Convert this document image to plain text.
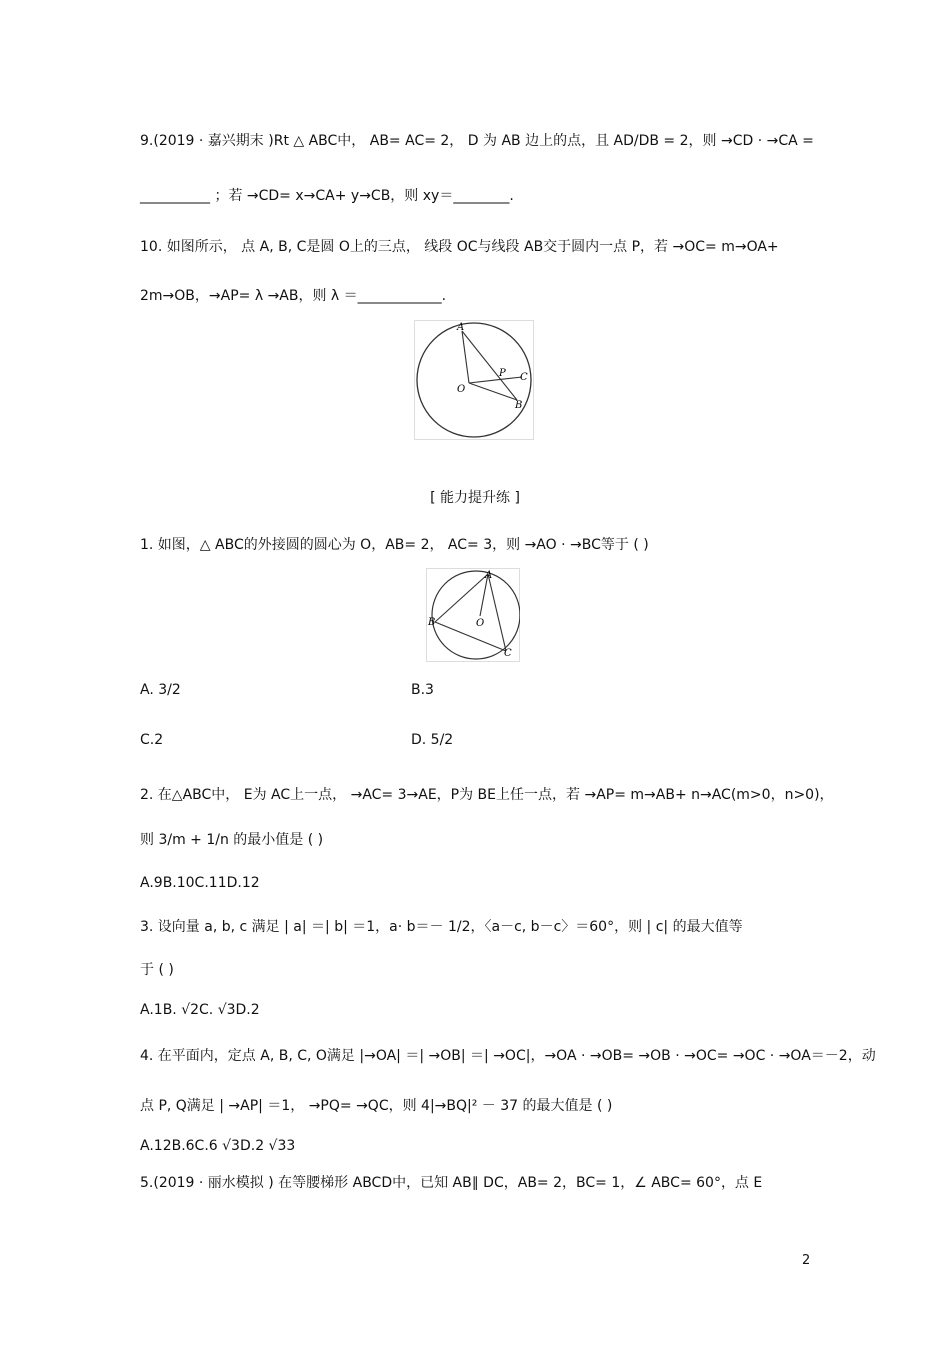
9.(2019 · 嘉兴期末 )Rt △ ABC中， AB= AC= 2， D 为 AB 边上的点，且 AD/DB = 2，则 →CD · →CA =
__________ ；若 →CD= x→CA+ y→CB，则 xy＝________.
10. 如图所示， 点 A, B, C是圆 O上的三点， 线段 OC与线段 AB交于圆内一点 P，若 →OC= m→OA+
2m→OB，→AP= λ →AB，则 λ ＝____________.
A
P C
O
B
[ 能力提升练 ]
1. 如图，△ ABC的外接圆的圆心为 O，AB= 2， AC= 3，则 →AO · →BC等于 ( )
A
B	O
C
A. 3/2	B.3
C.2	D. 5/2
2. 在△ABC中， E为 AC上一点， →AC= 3→AE，P为 BE上任一点，若 →AP= m→AB+ n→AC(m>0，n>0)，
则 3/m + 1/n 的最小值是 ( )
A.9B.10C.11D.12
3. 设向量 a, b, c 满足 | a| ＝| b| ＝1，a· b＝－ 1/2，〈a－c, b－c〉＝60°，则 | c| 的最大值等
于 ( )
A.1B. √2C. √3D.2
4. 在平面内，定点 A, B, C, O满足 |→OA| ＝| →OB| ＝| →OC|，→OA · →OB= →OB · →OC= →OC · →OA＝－2，动
点 P, Q满足 | →AP| ＝1， →PQ= →QC，则 4|→BQ|² － 37 的最大值是 ( )
A.12B.6C.6 √3D.2 √33
5.(2019 · 丽水模拟 ) 在等腰梯形 ABCD中，已知 AB∥ DC，AB= 2，BC= 1，∠ ABC= 60°，点 E
2
